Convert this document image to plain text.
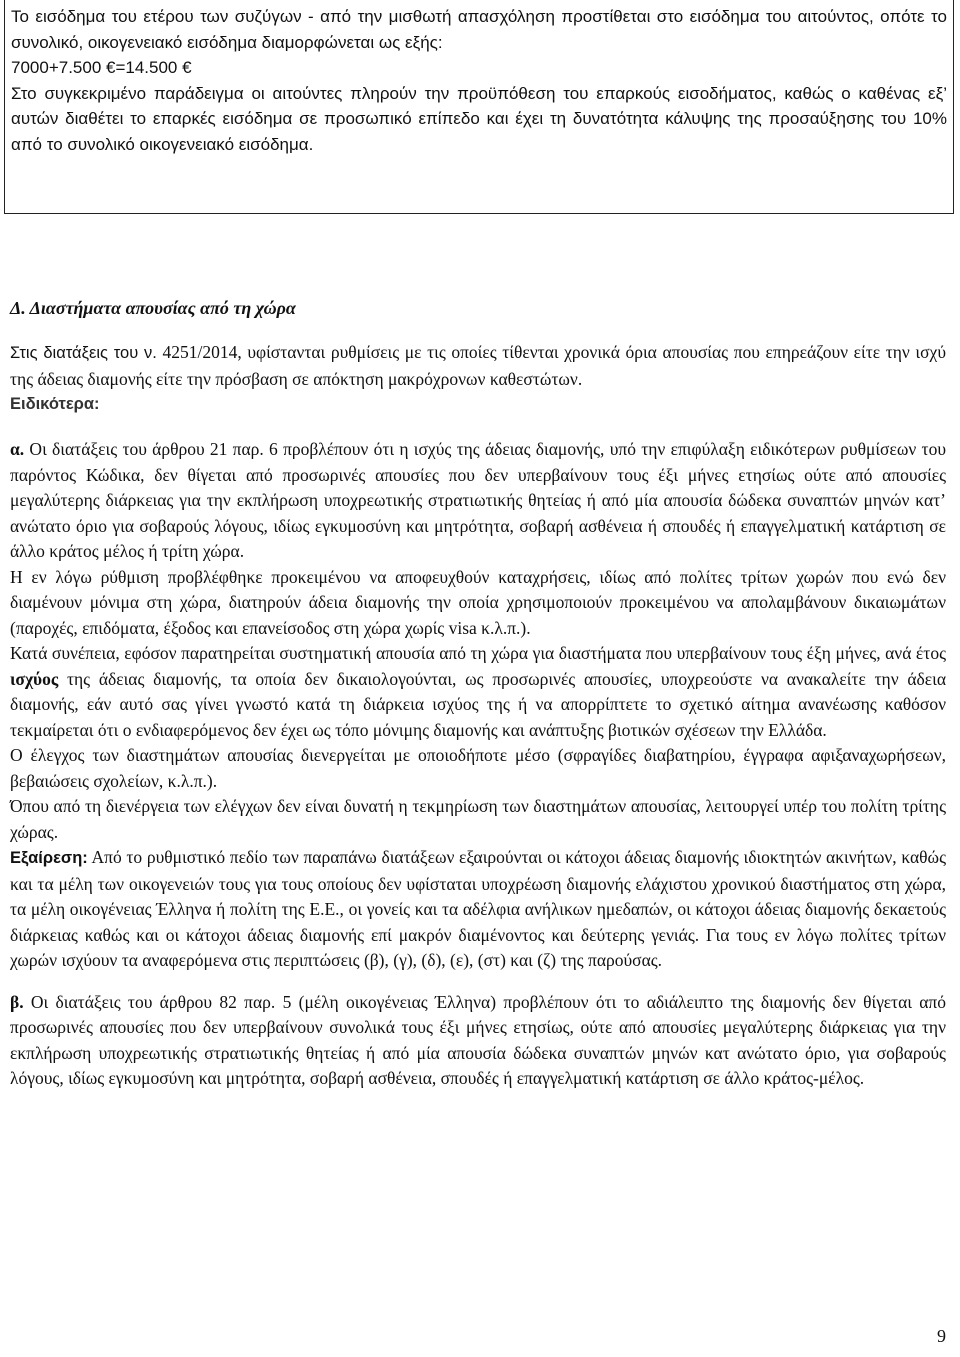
Το εισόδημα του ετέρου των συζύγων - από την μισθωτή απασχόληση προστίθεται στο εισόδημα του αιτούντος, οπότε το συνολικό, οικογενειακό εισόδημα διαμορφώνεται ως εξής:

7000+7.500 €=14.500 €

Στο συγκεκριμένο παράδειγμα οι αιτούντες πληρούν την προϋπόθεση του επαρκούς εισοδήματος, καθώς ο καθένας εξ’ αυτών διαθέτει το επαρκές εισόδημα σε προσωπικό επίπεδο και έχει τη δυνατότητα κάλυψης της προσαύξησης του 10% από το συνολικό οικογενειακό εισόδημα.

Δ. Διαστήματα απουσίας από τη χώρα

Στις διατάξεις του ν. 4251/2014, υφίστανται ρυθμίσεις με τις οποίες τίθενται χρονικά όρια απουσίας που επηρεάζουν είτε την ισχύ της άδειας διαμονής είτε την πρόσβαση σε απόκτηση μακρόχρονων καθεστώτων.

Ειδικότερα:

α. Οι διατάξεις του άρθρου 21 παρ. 6 προβλέπουν ότι η ισχύς της άδειας διαμονής, υπό την επιφύλαξη ειδικότερων ρυθμίσεων του παρόντος Κώδικα, δεν θίγεται από προσωρινές απουσίες που δεν υπερβαίνουν τους έξι μήνες ετησίως ούτε από απουσίες μεγαλύτερης διάρκειας για την εκπλήρωση υποχρεωτικής στρατιωτικής θητείας ή από μία απουσία δώδεκα συναπτών μηνών κατ’ ανώτατο όριο για σοβαρούς λόγους, ιδίως εγκυμοσύνη και μητρότητα, σοβαρή ασθένεια ή σπουδές ή επαγγελματική κατάρτιση σε άλλο κράτος μέλος ή τρίτη χώρα.

Η εν λόγω ρύθμιση προβλέφθηκε προκειμένου να αποφευχθούν καταχρήσεις, ιδίως από πολίτες τρίτων χωρών που ενώ δεν διαμένουν μόνιμα στη χώρα, διατηρούν άδεια διαμονής την οποία χρησιμοποιούν προκειμένου να απολαμβάνουν δικαιωμάτων (παροχές, επιδόματα, έξοδος και επανείσοδος στη χώρα χωρίς visa κ.λ.π.).

Κατά συνέπεια, εφόσον παρατηρείται συστηματική απουσία από τη χώρα για διαστήματα που υπερβαίνουν τους έξη μήνες, ανά έτος ισχύος της άδειας διαμονής, τα οποία δεν δικαιολογούνται, ως προσωρινές απουσίες, υποχρεούστε να ανακαλείτε την άδεια διαμονής, εάν αυτό σας γίνει γνωστό κατά τη διάρκεια ισχύος της ή να απορρίπτετε το σχετικό αίτημα ανανέωσης καθόσον τεκμαίρεται ότι ο ενδιαφερόμενος δεν έχει ως τόπο μόνιμης διαμονής και ανάπτυξης βιοτικών σχέσεων την Ελλάδα.

Ο έλεγχος των διαστημάτων απουσίας διενεργείται με οποιοδήποτε μέσο (σφραγίδες διαβατηρίου, έγγραφα αφιξαναχωρήσεων, βεβαιώσεις σχολείων, κ.λ.π.).

Όπου από τη διενέργεια των ελέγχων δεν είναι δυνατή η τεκμηρίωση των διαστημάτων απουσίας, λειτουργεί υπέρ του πολίτη τρίτης χώρας.

Εξαίρεση: Από το ρυθμιστικό πεδίο των παραπάνω διατάξεων εξαιρούνται οι κάτοχοι άδειας διαμονής ιδιοκτητών ακινήτων, καθώς και τα μέλη των οικογενειών τους για τους οποίους δεν υφίσταται υποχρέωση διαμονής ελάχιστου χρονικού διαστήματος στη χώρα, τα μέλη οικογένειας Έλληνα ή πολίτη της Ε.Ε., οι γονείς και τα αδέλφια ανήλικων ημεδαπών, οι κάτοχοι άδειας διαμονής δεκαετούς διάρκειας καθώς και οι κάτοχοι άδειας διαμονής επί μακρόν διαμένοντος και δεύτερης γενιάς. Για τους εν λόγω πολίτες τρίτων χωρών ισχύουν τα αναφερόμενα στις περιπτώσεις (β), (γ), (δ), (ε), (στ) και (ζ) της παρούσας.

β. Οι διατάξεις του άρθρου 82 παρ. 5 (μέλη οικογένειας Έλληνα) προβλέπουν ότι το αδιάλειπτο της διαμονής δεν θίγεται από προσωρινές απουσίες που δεν υπερβαίνουν συνολικά τους έξι μήνες ετησίως, ούτε από απουσίες μεγαλύτερης διάρκειας για την εκπλήρωση υποχρεωτικής στρατιωτικής θητείας ή από μία απουσία δώδεκα συναπτών μηνών κατ ανώτατο όριο, για σοβαρούς λόγους, ιδίως εγκυμοσύνη και μητρότητα, σοβαρή ασθένεια, σπουδές ή επαγγελματική κατάρτιση σε άλλο κράτος-μέλος.

9
